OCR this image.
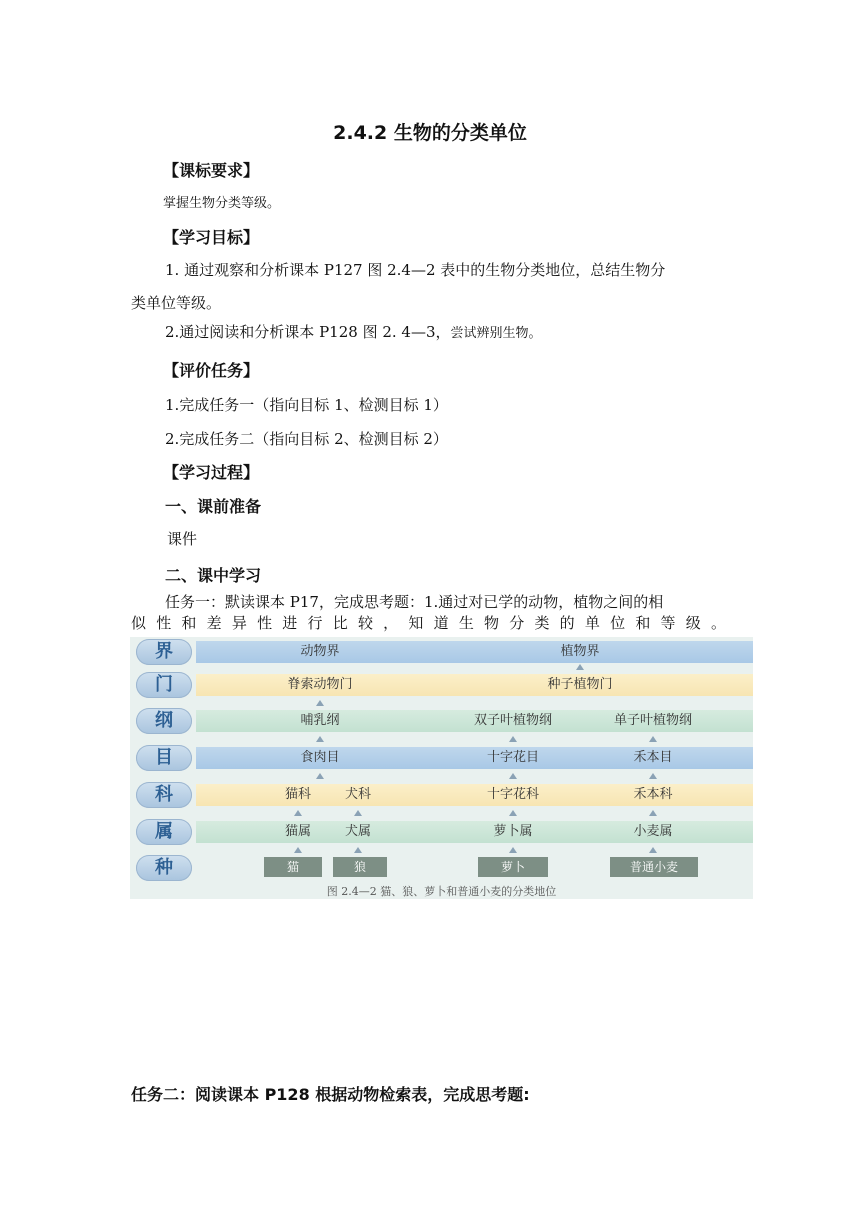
2.4.2 生物的分类单位
【课标要求】
掌握生物分类等级。
【学习目标】
1. 通过观察和分析课本 P127 图 2.4—2 表中的生物分类地位，总结生物分
类单位等级。
2.通过阅读和分析课本 P128 图 2. 4—3，尝试辨别生物。
【评价任务】
1.完成任务一（指向目标 1、检测目标 1）
2.完成任务二（指向目标 2、检测目标 2）
【学习过程】
一、课前准备
课件
二、课中学习
任务一：默读课本 P17，完成思考题：1.通过对已学的动物，植物之间的相
似性和差异性进行比较，知道生物分类的单位和等级。
界	动物界	植物界
门	脊索动物门	种子植物门
纲	哺乳纲	双子叶植物纲	单子叶植物纲
目	食肉目	十字花目	禾本目
科	猫科	犬科	十字花科	禾本科
属	猫属	犬属	萝卜属	小麦属
种	猫	狼	萝卜	普通小麦
图 2.4—2 猫、狼、萝卜和普通小麦的分类地位
任务二：阅读课本 P128 根据动物检索表，完成思考题:
